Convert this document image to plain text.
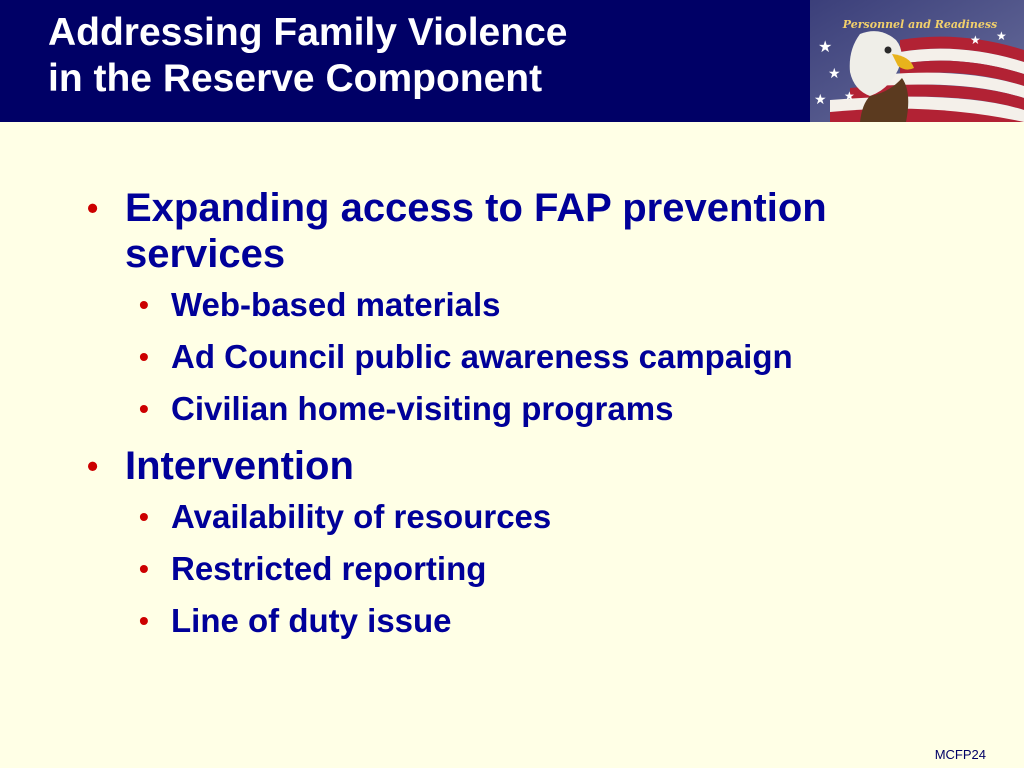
Addressing Family Violence
in the Reserve Component
★
★
★ ★
★ ★
Personnel and Readiness
• Expanding access to FAP prevention services
• Web-based materials
• Ad Council public awareness campaign
• Civilian home-visiting programs
• Intervention
• Availability of resources
• Restricted reporting
• Line of duty issue
MCFP24
